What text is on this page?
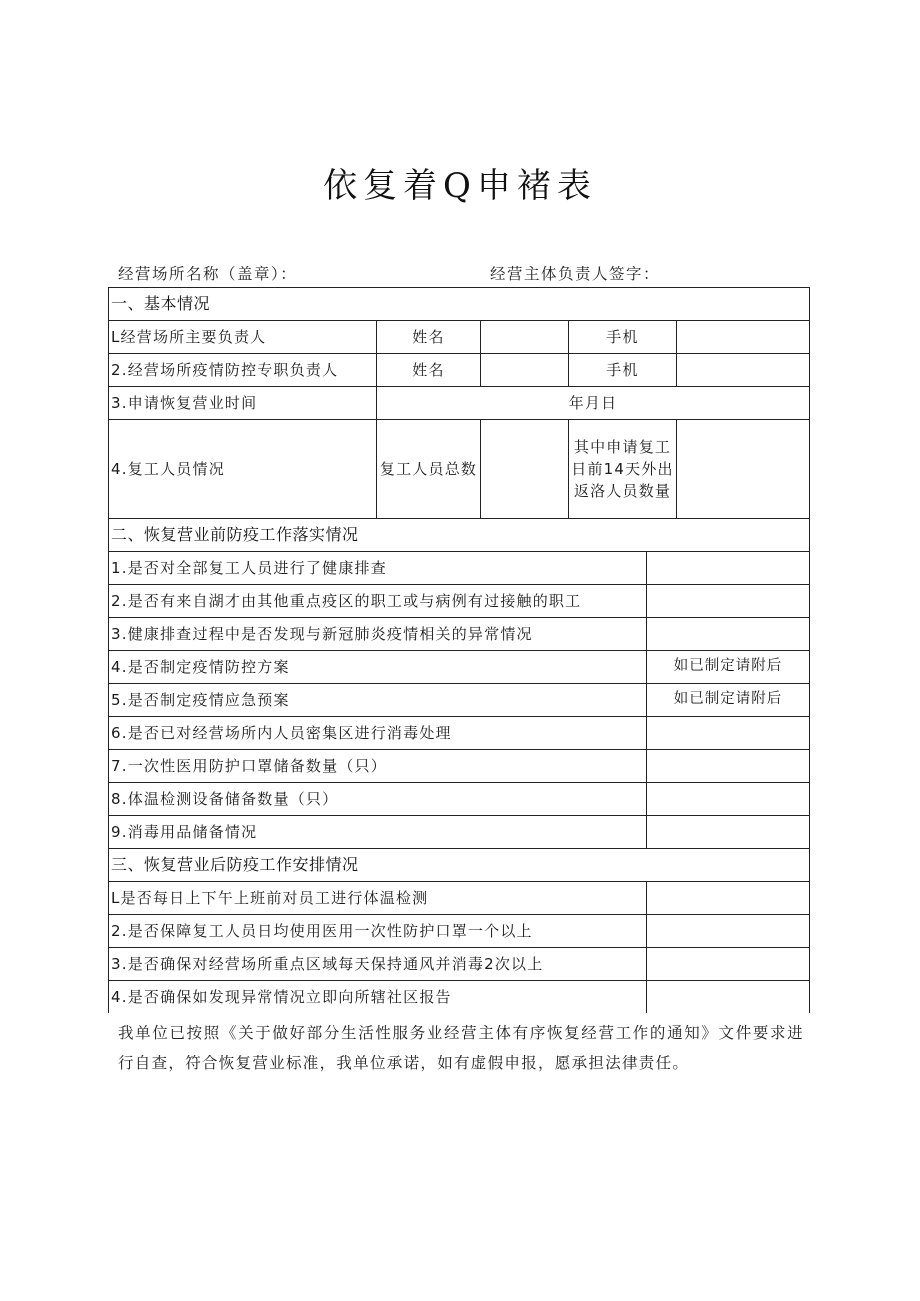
依复着Q申褚表
经营场所名称（盖章）：	经营主体负责人签字：
一、基本情况					
L经营场所主要负责人	姓名		手机		
2.经营场所疫情防控专职负责人	姓名		手机		
3.申请恢复营业时间	年月日				
4.复工人员情况	复工人员总数		其中申请复工日前14天外出返洛人员数量		
二、恢复营业前防疫工作落实情况					
1.是否对全部复工人员进行了健康排查					
2.是否有来自湖才由其他重点疫区的职工或与病例有过接触的职工					
3.健康排查过程中是否发现与新冠肺炎疫情相关的异常情况					
4.是否制定疫情防控方案				如已制定请附后	
5.是否制定疫情应急预案				如已制定请附后	
6.是否已对经营场所内人员密集区进行消毒处理					
7.一次性医用防护口罩储备数量（只）					
8.体温检测设备储备数量（只）					
9.消毒用品储备情况					
三、恢复营业后防疫工作安排情况					
L是否每日上下午上班前对员工进行体温检测					
2.是否保障复工人员日均使用医用一次性防护口罩一个以上					
3.是否确保对经营场所重点区域每天保持通风并消毒2次以上					
4.是否确保如发现异常情况立即向所辖社区报告					
我单位已按照《关于做好部分生活性服务业经营主体有序恢复经营工作的通知》文件要求进行自查，符合恢复营业标准，我单位承诺，如有虚假申报，愿承担法律责任。
